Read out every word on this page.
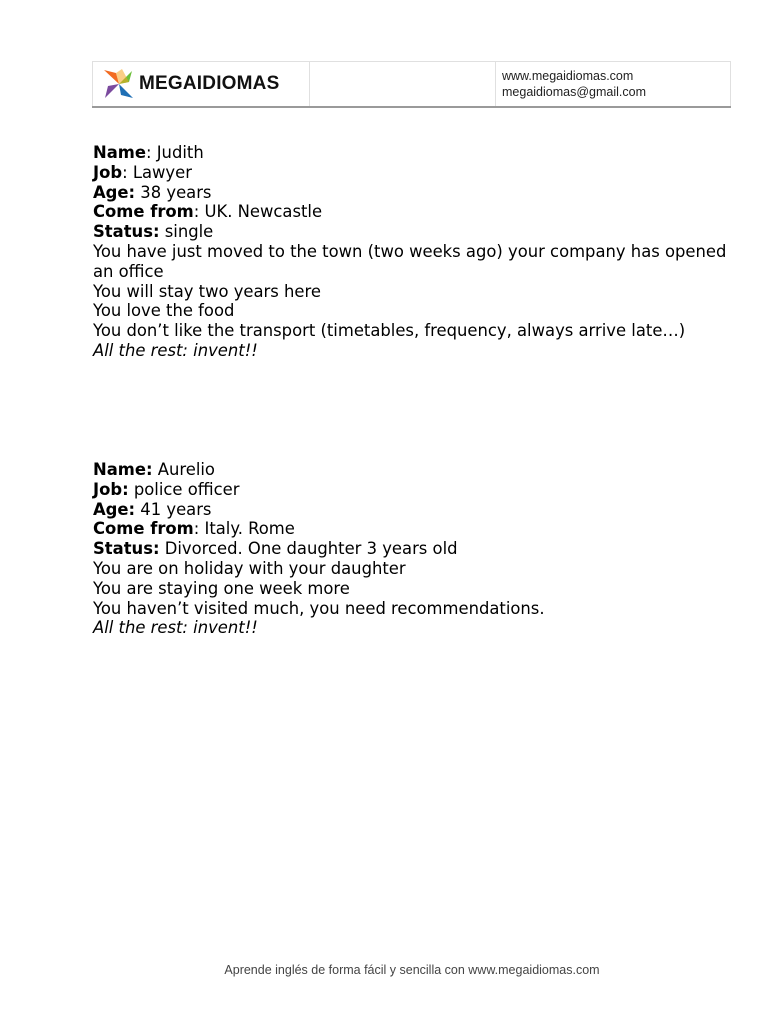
MEGAIDIOMAS	www.megaidiomas.com
megaidiomas@gmail.com
Name: Judith
Job: Lawyer
Age: 38 years
Come from: UK. Newcastle
Status: single
You have just moved to the town (two weeks ago) your company has opened an office
You will stay two years here
You love the food
You don’t like the transport (timetables, frequency, always arrive late…)
All the rest: invent!!
Name: Aurelio
Job: police officer
Age: 41 years
Come from: Italy. Rome
Status: Divorced. One daughter 3 years old
You are on holiday with your daughter
You are staying one week more
You haven’t visited much, you need recommendations.
All the rest: invent!!
Aprende inglés de forma fácil y sencilla con www.megaidiomas.com
